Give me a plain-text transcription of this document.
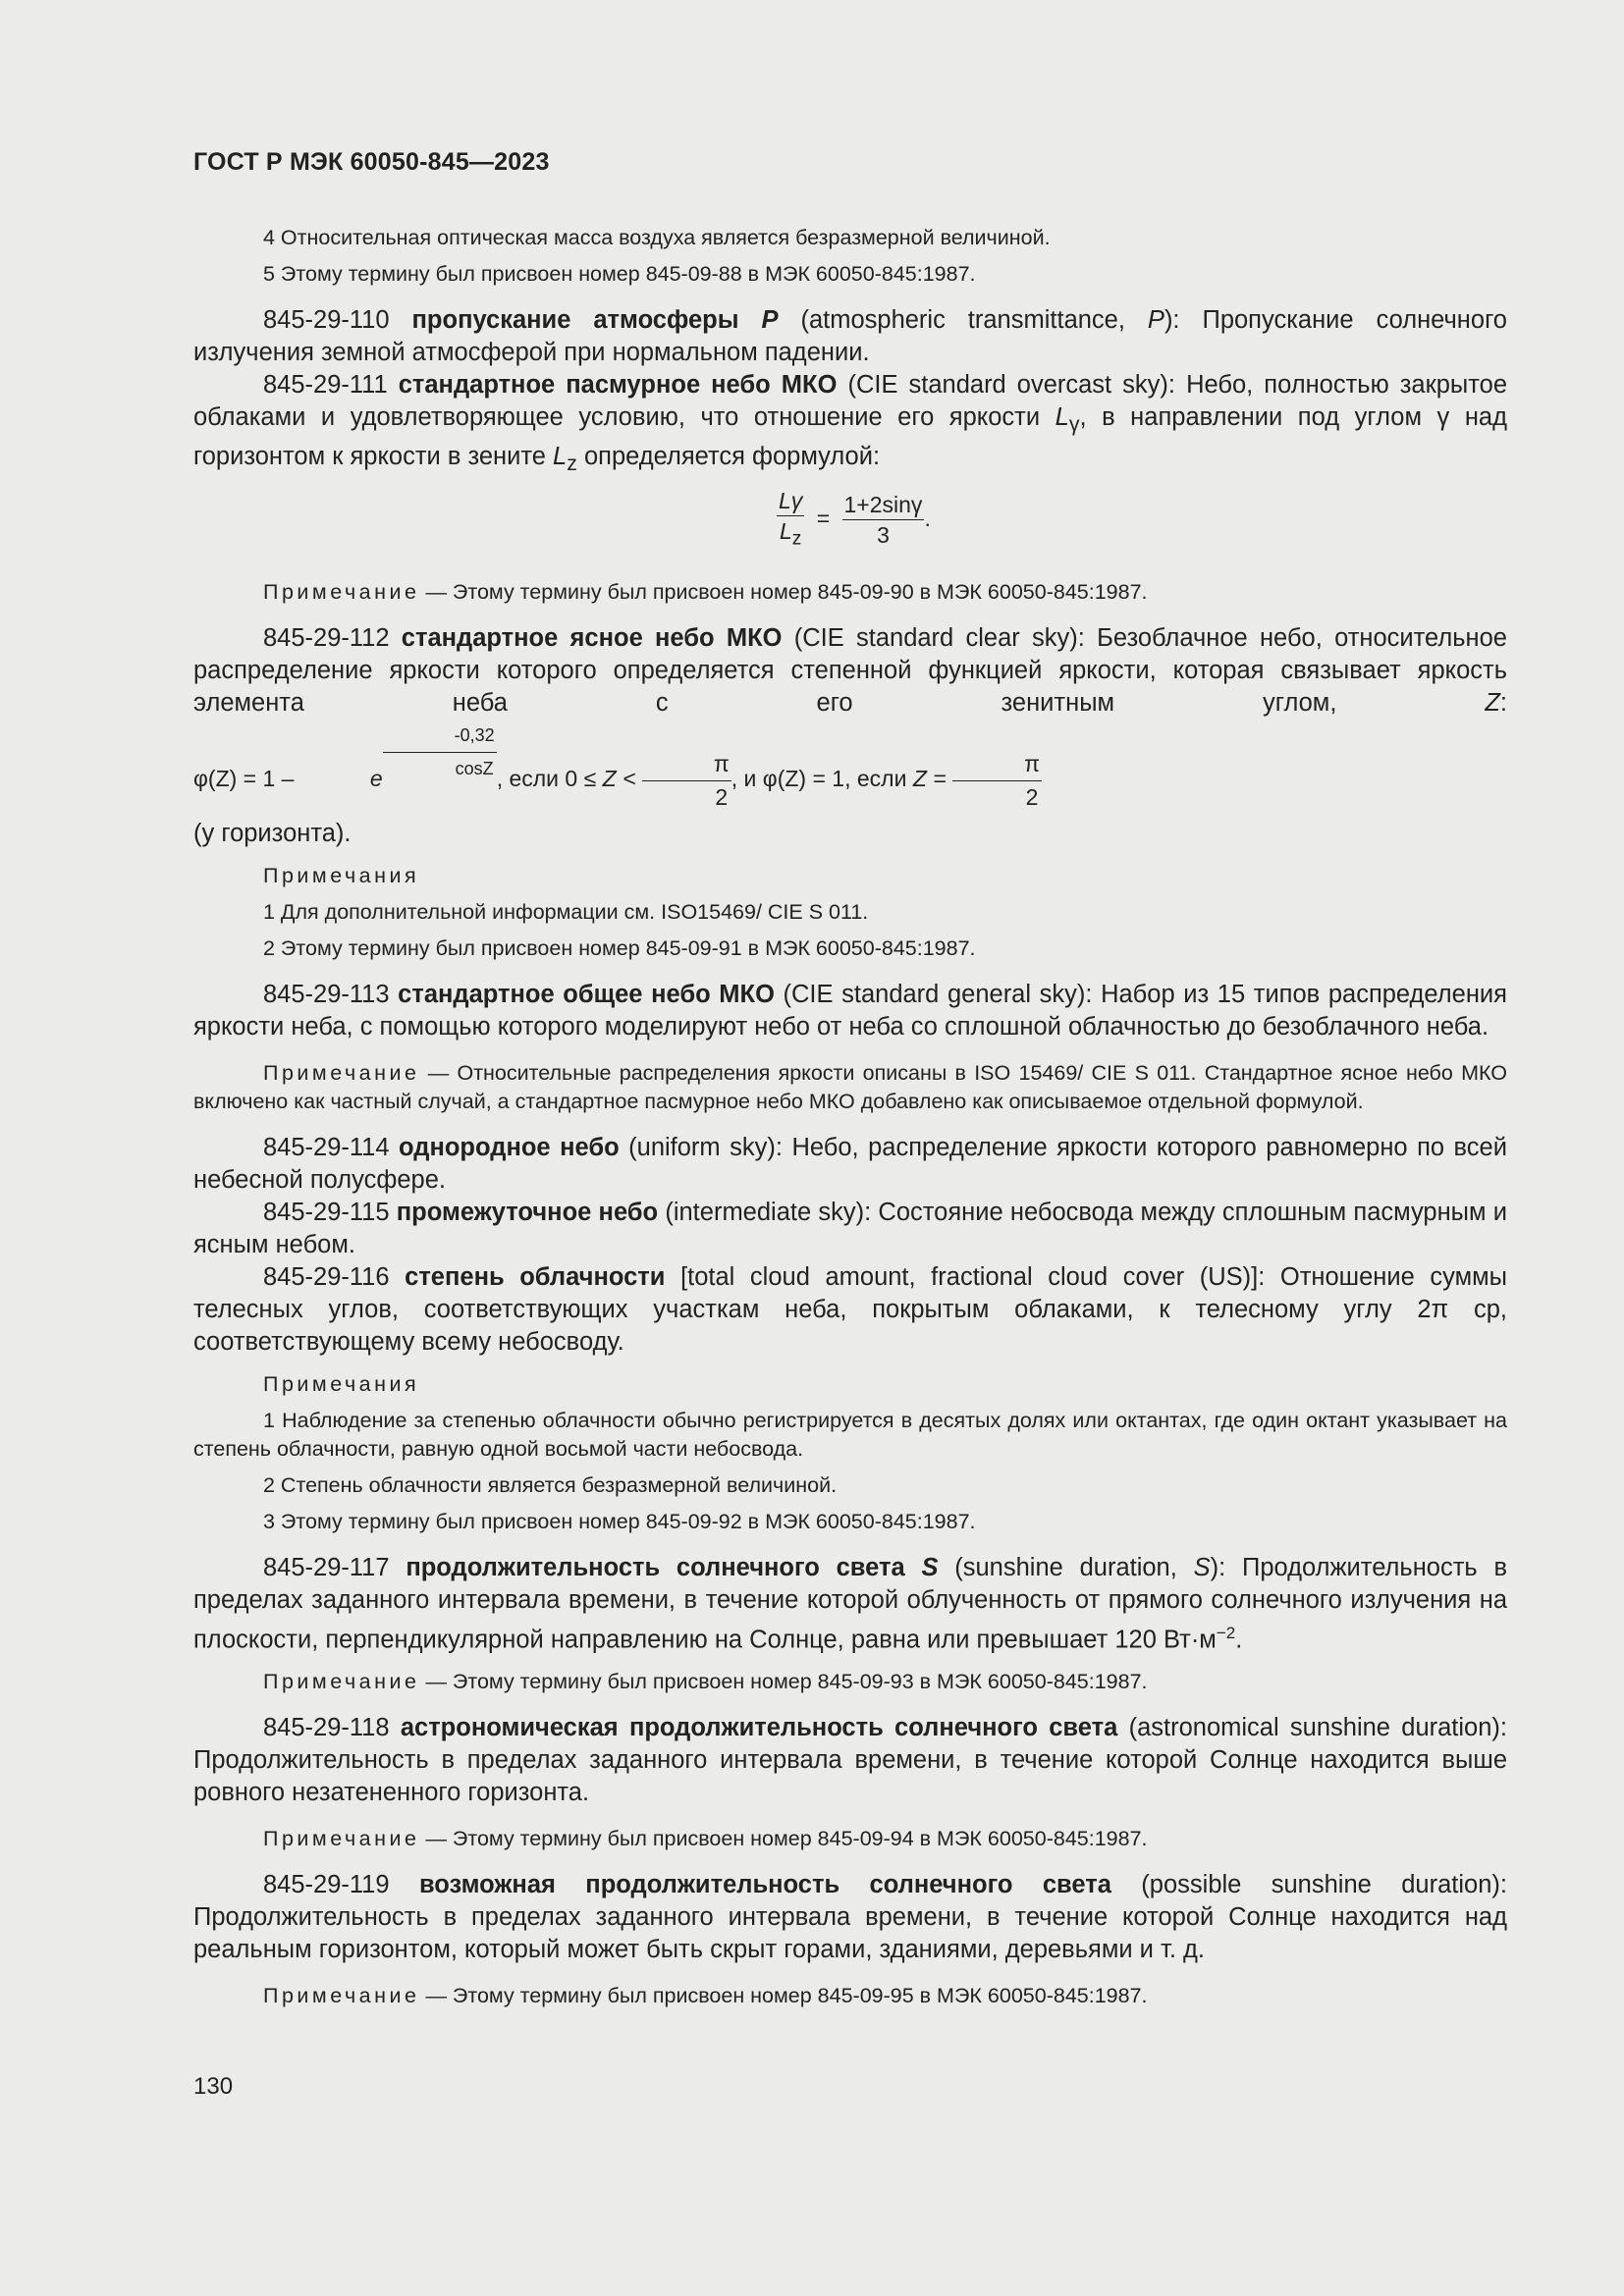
ГОСТ Р МЭК 60050-845—2023

4 Относительная оптическая масса воздуха является безразмерной величиной.

5 Этому термину был присвоен номер 845-09-88 в МЭК 60050-845:1987.

845-29-110 пропускание атмосферы P (atmospheric transmittance, P): Пропускание солнечного излучения земной атмосферой при нормальном падении.

845-29-111 стандартное пасмурное небо МКО (CIE standard overcast sky): Небо, полностью закрытое облаками и удовлетворяющее условию, что отношение его яркости $L_\gamma$, в направлении под углом γ над горизонтом к яркости в зените $L_z$ определяется формулой:

$\frac{L\gamma}{L_z} = \frac{1+2\sin\gamma}{3}$ .

Примечание — Этому термину был присвоен номер 845-09-90 в МЭК 60050-845:1987.

845-29-112 стандартное ясное небо МКО (CIE standard clear sky): Безоблачное небо, относительное распределение яркости которого определяется степенной функцией яркости, которая связывает яркость элемента неба с его зенитным углом,	Z: φ(Z) = 1 –	e $\frac{-0,32}{\cos Z}$ , если $0 \le Z < \frac{\pi}{2}$ , и φ(Z) = 1, если $Z = \frac{\pi}{2}$

(у горизонта).

Примечания

1 Для дополнительной информации см. ISO15469/ CIE S 011.

2 Этому термину был присвоен номер 845-09-91 в МЭК 60050-845:1987.

845-29-113 стандартное общее небо МКО (CIE standard general sky): Набор из 15 типов распределения яркости неба, с помощью которого моделируют небо от неба со сплошной облачностью до безоблачного неба.

Примечание — Относительные распределения яркости описаны в ISO 15469/ CIE S 011. Стандартное ясное небо МКО включено как частный случай, а стандартное пасмурное небо МКО добавлено как описываемое отдельной формулой.

845-29-114 однородное небо (uniform sky): Небо, распределение яркости которого равномерно по всей небесной полусфере.

845-29-115 промежуточное небо (intermediate sky): Состояние небосвода между сплошным пасмурным и ясным небом.

845-29-116 степень облачности [total cloud amount, fractional cloud cover (US)]: Отношение суммы телесных углов, соответствующих участкам неба, покрытым облаками, к телесному углу 2π ср, соответствующему всему небосводу.

Примечания

1 Наблюдение за степенью облачности обычно регистрируется в десятых долях или октантах, где один октант указывает на степень облачности, равную одной восьмой части небосвода.

2 Степень облачности является безразмерной величиной.

3 Этому термину был присвоен номер 845-09-92 в МЭК 60050-845:1987.

845-29-117 продолжительность солнечного света S (sunshine duration, S): Продолжительность в пределах заданного интервала времени, в течение которой облученность от прямого солнечного излучения на плоскости, перпендикулярной направлению на Солнце, равна или превышает 120 $Вт\cdot м^{-2}$.

Примечание — Этому термину был присвоен номер 845-09-93 в МЭК 60050-845:1987.

845-29-118 астрономическая продолжительность солнечного света (astronomical sunshine duration): Продолжительность в пределах заданного интервала времени, в течение которой Солнце находится выше ровного незатененного горизонта.

Примечание — Этому термину был присвоен номер 845-09-94 в МЭК 60050-845:1987.

845-29-119 возможная продолжительность солнечного света (possible sunshine duration): Продолжительность в пределах заданного интервала времени, в течение которой Солнце находится над реальным горизонтом, который может быть скрыт горами, зданиями, деревьями и т. д.

Примечание — Этому термину был присвоен номер 845-09-95 в МЭК 60050-845:1987.

130
